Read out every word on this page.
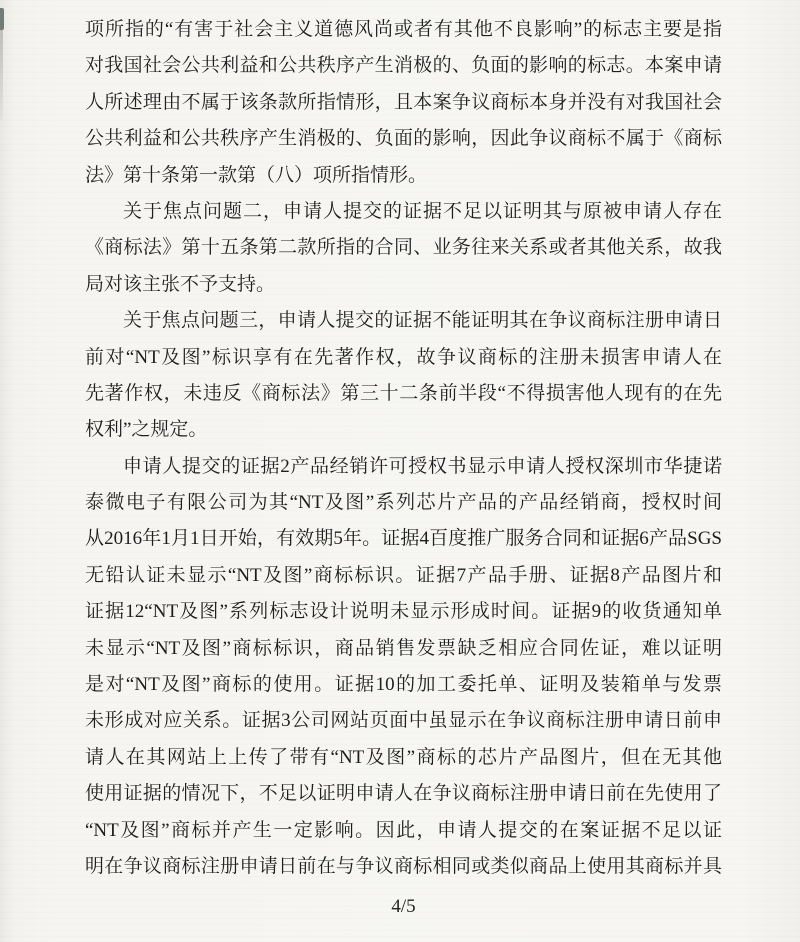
项所指的“有害于社会主义道德风尚或者有其他不良影响”的标志主要是指
对我国社会公共利益和公共秩序产生消极的、负面的影响的标志。本案申请
人所述理由不属于该条款所指情形，且本案争议商标本身并没有对我国社会
公共利益和公共秩序产生消极的、负面的影响，因此争议商标不属于《商标
法》第十条第一款第（八）项所指情形。
关于焦点问题二，申请人提交的证据不足以证明其与原被申请人存在
《商标法》第十五条第二款所指的合同、业务往来关系或者其他关系，故我
局对该主张不予支持。
关于焦点问题三，申请人提交的证据不能证明其在争议商标注册申请日
前对“NT及图”标识享有在先著作权，故争议商标的注册未损害申请人在
先著作权，未违反《商标法》第三十二条前半段“不得损害他人现有的在先
权利”之规定。
申请人提交的证据2产品经销许可授权书显示申请人授权深圳市华捷诺
泰微电子有限公司为其“NT及图”系列芯片产品的产品经销商，授权时间
从2016年1月1日开始，有效期5年。证据4百度推广服务合同和证据6产品SGS
无铅认证未显示“NT及图”商标标识。证据7产品手册、证据8产品图片和
证据12“NT及图”系列标志设计说明未显示形成时间。证据9的收货通知单
未显示“NT及图”商标标识，商品销售发票缺乏相应合同佐证，难以证明
是对“NT及图”商标的使用。证据10的加工委托单、证明及装箱单与发票
未形成对应关系。证据3公司网站页面中虽显示在争议商标注册申请日前申
请人在其网站上上传了带有“NT及图”商标的芯片产品图片，但在无其他
使用证据的情况下，不足以证明申请人在争议商标注册申请日前在先使用了
“NT及图”商标并产生一定影响。因此，申请人提交的在案证据不足以证
明在争议商标注册申请日前在与争议商标相同或类似商品上使用其商标并具
4/5
